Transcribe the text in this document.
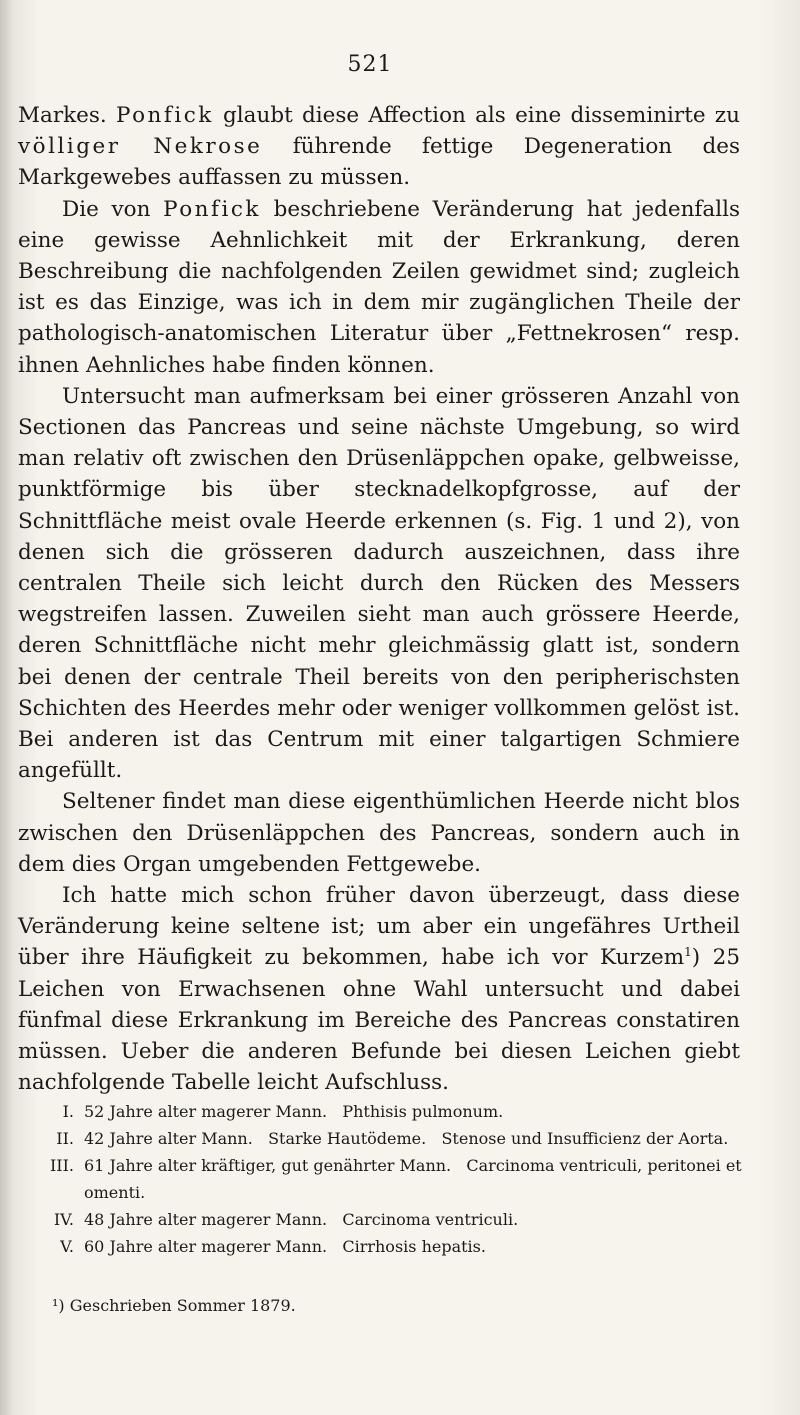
521

Markes. Ponfick glaubt diese Affection als eine disseminirte zu völliger Nekrose führende fettige Degeneration des Markgewebes auffassen zu müssen.

Die von Ponfick beschriebene Veränderung hat jedenfalls eine gewisse Aehnlichkeit mit der Erkrankung, deren Beschreibung die nachfolgenden Zeilen gewidmet sind; zugleich ist es das Einzige, was ich in dem mir zugänglichen Theile der pathologisch-anatomischen Literatur über „Fettnekrosen“ resp. ihnen Aehnliches habe finden können.

Untersucht man aufmerksam bei einer grösseren Anzahl von Sectionen das Pancreas und seine nächste Umgebung, so wird man relativ oft zwischen den Drüsenläppchen opake, gelbweisse, punktförmige bis über stecknadelkopfgrosse, auf der Schnittfläche meist ovale Heerde erkennen (s. Fig. 1 und 2), von denen sich die grösseren dadurch auszeichnen, dass ihre centralen Theile sich leicht durch den Rücken des Messers wegstreifen lassen. Zuweilen sieht man auch grössere Heerde, deren Schnittfläche nicht mehr gleichmässig glatt ist, sondern bei denen der centrale Theil bereits von den peripherischsten Schichten des Heerdes mehr oder weniger vollkommen gelöst ist. Bei anderen ist das Centrum mit einer talgartigen Schmiere angefüllt.

Seltener findet man diese eigenthümlichen Heerde nicht blos zwischen den Drüsenläppchen des Pancreas, sondern auch in dem dies Organ umgebenden Fettgewebe.

Ich hatte mich schon früher davon überzeugt, dass diese Veränderung keine seltene ist; um aber ein ungefähres Urtheil über ihre Häufigkeit zu bekommen, habe ich vor Kurzem$^1$) 25 Leichen von Erwachsenen ohne Wahl untersucht und dabei fünfmal diese Erkrankung im Bereiche des Pancreas constatiren müssen. Ueber die anderen Befunde bei diesen Leichen giebt nachfolgende Tabelle leicht Aufschluss.

I. 52 Jahre alter magerer Mann.   Phthisis pulmonum.
II. 42 Jahre alter Mann.   Starke Hautödeme.   Stenose und Insufficienz der Aorta.
III. 61 Jahre alter kräftiger, gut genährter Mann.   Carcinoma ventriculi, peritonei et omenti.
IV. 48 Jahre alter magerer Mann.   Carcinoma ventriculi.
V. 60 Jahre alter magerer Mann.   Cirrhosis hepatis.
¹) Geschrieben Sommer 1879.
